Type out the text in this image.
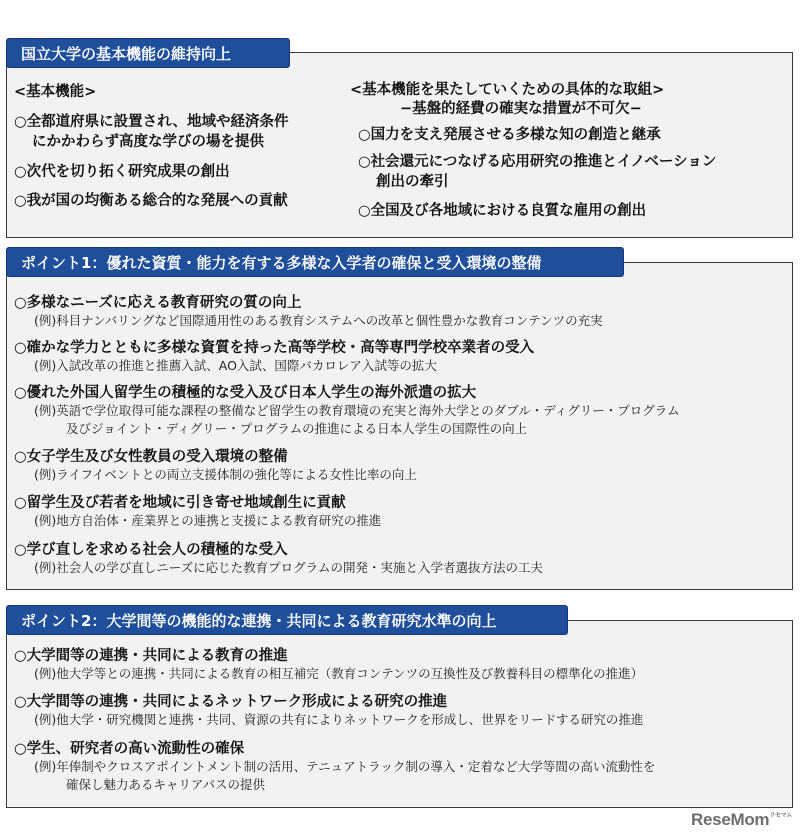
国立大学の基本機能の維持向上
<基本機能>
○全都道府県に設置され、地域や経済条件
にかかわらず高度な学びの場を提供
○次代を切り拓く研究成果の創出
○我が国の均衡ある総合的な発展への貢献
<基本機能を果たしていくための具体的な取組>
−基盤的経費の確実な措置が不可欠−
○国力を支え発展させる多様な知の創造と継承
○社会還元につなげる応用研究の推進とイノベーション
創出の牽引
○全国及び各地域における良質な雇用の創出
ポイント1：優れた資質・能力を有する多様な入学者の確保と受入環境の整備
○多様なニーズに応える教育研究の質の向上
(例)科目ナンバリングなど国際通用性のある教育システムへの改革と個性豊かな教育コンテンツの充実
○確かな学力とともに多様な資質を持った高等学校・高等専門学校卒業者の受入
(例)入試改革の推進と推薦入試、AO入試、国際バカロレア入試等の拡大
○優れた外国人留学生の積極的な受入及び日本人学生の海外派遣の拡大
(例)英語で学位取得可能な課程の整備など留学生の教育環境の充実と海外大学とのダブル・ディグリー・プログラム
及びジョイント・ディグリー・プログラムの推進による日本人学生の国際性の向上
○女子学生及び女性教員の受入環境の整備
(例)ライフイベントとの両立支援体制の強化等による女性比率の向上
○留学生及び若者を地域に引き寄せ地域創生に貢献
(例)地方自治体・産業界との連携と支援による教育研究の推進
○学び直しを求める社会人の積極的な受入
(例)社会人の学び直しニーズに応じた教育プログラムの開発・実施と入学者選抜方法の工夫
ポイント2：大学間等の機能的な連携・共同による教育研究水準の向上
○大学間等の連携・共同による教育の推進
(例)他大学等との連携・共同による教育の相互補完（教育コンテンツの互換性及び教養科目の標準化の推進）
○大学間等の連携・共同によるネットワーク形成による研究の推進
(例)他大学・研究機関と連携・共同、資源の共有によりネットワークを形成し、世界をリードする研究の推進
○学生、研究者の高い流動性の確保
(例)年俸制やクロスアポイントメント制の活用、テニュアトラック制の導入・定着など大学等間の高い流動性を
確保し魅力あるキャリアパスの提供
ReseMom$^{リセマム}$
